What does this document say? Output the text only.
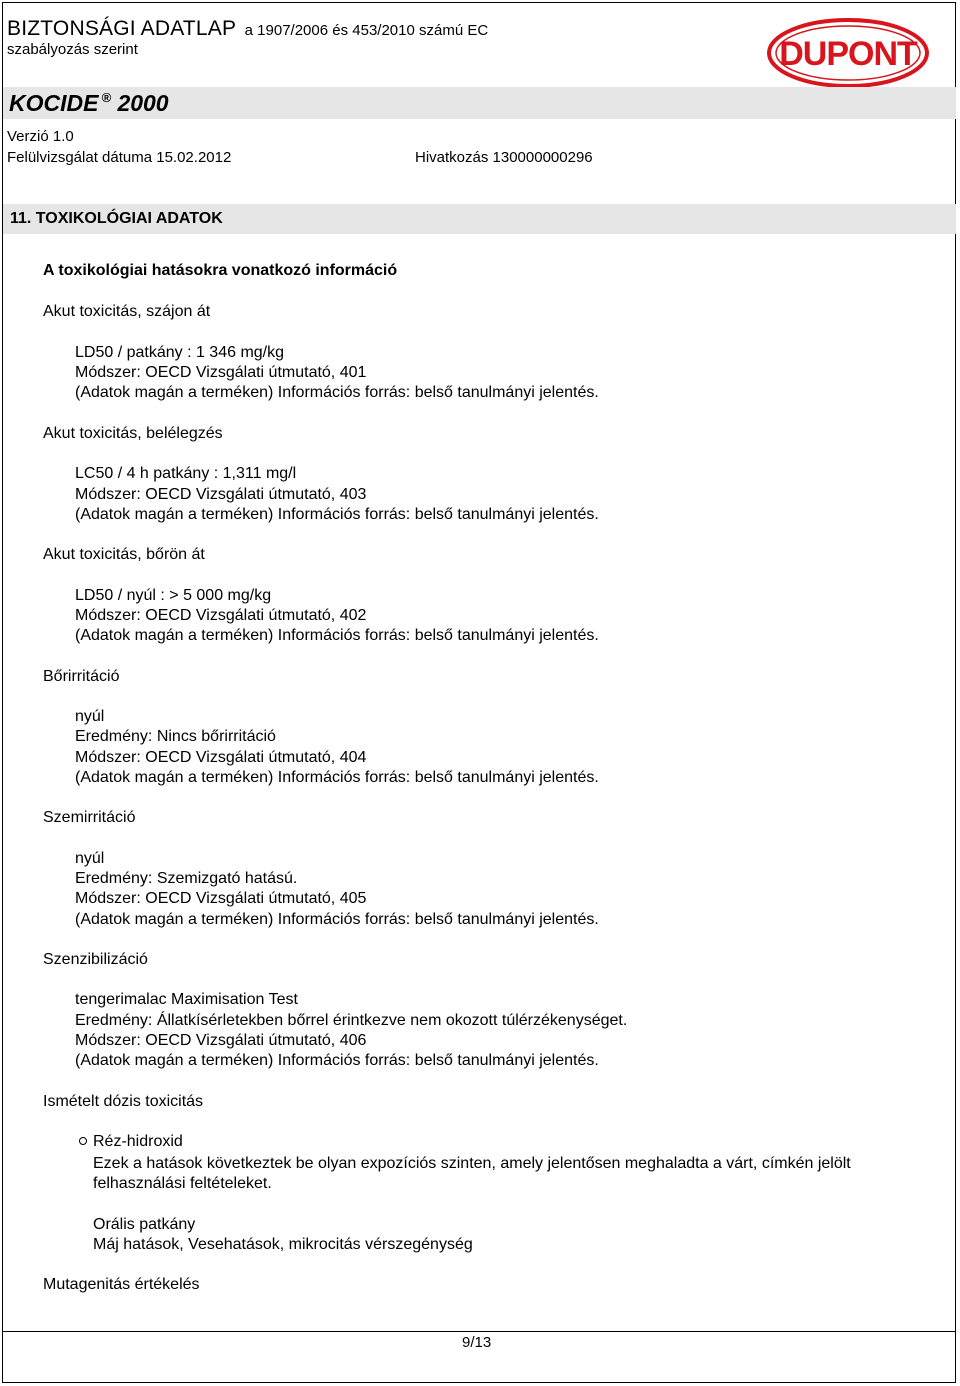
BIZTONSÁGI ADATLAP a 1907/2006 és 453/2010 számú EC
szabályozás szerint	DUPONT
KOCIDE ® 2000
Verzió 1.0
Felülvizsgálat dátuma 15.02.2012	Hivatkozás 130000000296
11. TOXIKOLÓGIAI ADATOK
A toxikológiai hatásokra vonatkozó információ
Akut toxicitás, szájon át
LD50 / patkány : 1 346 mg/kg
Módszer: OECD Vizsgálati útmutató, 401
(Adatok magán a terméken) Információs forrás: belső tanulmányi jelentés.
Akut toxicitás, belélegzés
LC50 / 4 h patkány : 1,311 mg/l
Módszer: OECD Vizsgálati útmutató, 403
(Adatok magán a terméken) Információs forrás: belső tanulmányi jelentés.
Akut toxicitás, bőrön át
LD50 / nyúl : > 5 000 mg/kg
Módszer: OECD Vizsgálati útmutató, 402
(Adatok magán a terméken) Információs forrás: belső tanulmányi jelentés.
Bőrirritáció
nyúl
Eredmény: Nincs bőrirritáció
Módszer: OECD Vizsgálati útmutató, 404
(Adatok magán a terméken) Információs forrás: belső tanulmányi jelentés.
Szemirritáció
nyúl
Eredmény: Szemizgató hatású.
Módszer: OECD Vizsgálati útmutató, 405
(Adatok magán a terméken) Információs forrás: belső tanulmányi jelentés.
Szenzibilizáció
tengerimalac Maximisation Test
Eredmény: Állatkísérletekben bőrrel érintkezve nem okozott túlérzékenységet.
Módszer: OECD Vizsgálati útmutató, 406
(Adatok magán a terméken) Információs forrás: belső tanulmányi jelentés.
Ismételt dózis toxicitás
Réz-hidroxid
Ezek a hatások következtek be olyan expozíciós szinten, amely jelentősen meghaladta a várt, címkén jelölt
felhasználási feltételeket.
Orális patkány
Máj hatások, Vesehatások, mikrocitás vérszegénység
Mutagenitás értékelés
9/13
